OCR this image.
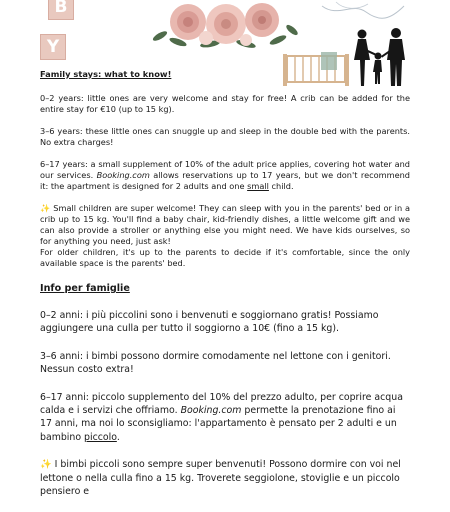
B
Y

Family stays: what to know!

0–2 years: little ones are very welcome and stay for free! A crib can be added for the entire stay for €10 (up to 15 kg).

3–6 years: these little ones can snuggle up and sleep in the double bed with the parents. No extra charges!

6–17 years: a small supplement of 10% of the adult price applies, covering hot water and our services. Booking.com allows reservations up to 17 years, but we don't recommend it: the apartment is designed for 2 adults and one small child.

✨ Small children are super welcome! They can sleep with you in the parents' bed or in a crib up to 15 kg. You'll find a baby chair, kid-friendly dishes, a little welcome gift and we can also provide a stroller or anything else you might need. We have kids ourselves, so for anything you need, just ask!

For older children, it's up to the parents to decide if it's comfortable, since the only available space is the parents' bed.

Info per famiglie

0–2 anni: i più piccolini sono i benvenuti e soggiornano gratis! Possiamo aggiungere una culla per tutto il soggiorno a 10€ (fino a 15 kg).

3–6 anni: i bimbi possono dormire comodamente nel lettone con i genitori. Nessun costo extra!

6–17 anni: piccolo supplemento del 10% del prezzo adulto, per coprire acqua calda e i servizi che offriamo. Booking.com permette la prenotazione fino ai 17 anni, ma noi lo sconsigliamo: l'appartamento è pensato per 2 adulti e un bambino piccolo.

✨ I bimbi piccoli sono sempre super benvenuti! Possono dormire con voi nel lettone o nella culla fino a 15 kg. Troverete seggiolone, stoviglie e un piccolo pensiero e
